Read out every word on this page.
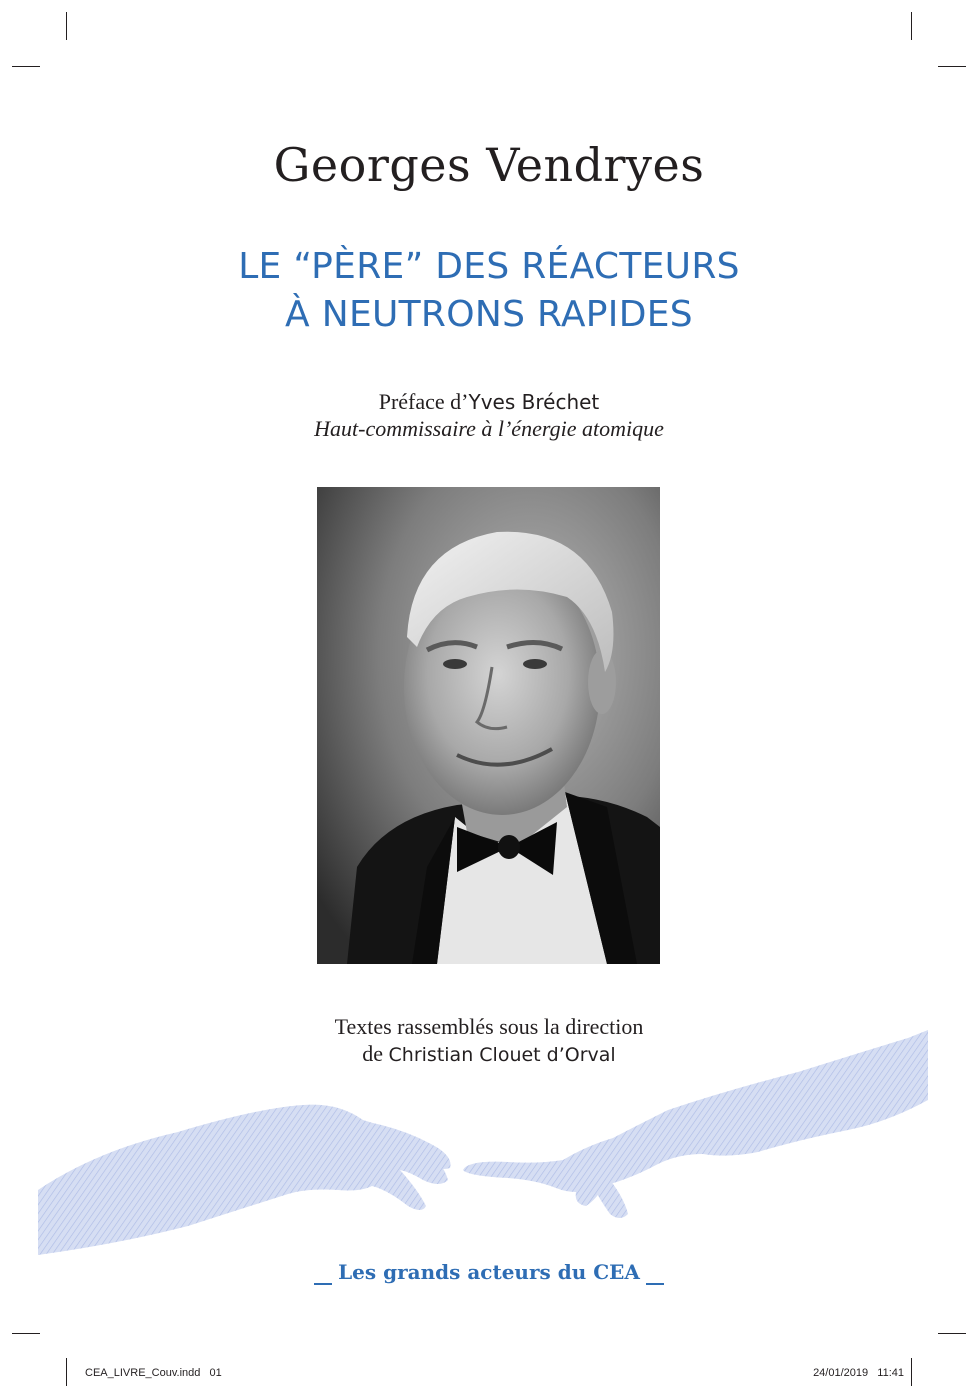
Georges Vendryes
LE “PÈRE” DES RÉACTEURS
À NEUTRONS RAPIDES
Préface d’Yves Bréchet
Haut-commissaire à l’énergie atomique
Textes rassemblés sous la direction
de Christian Clouet d’Orval
Les grands acteurs du CEA
CEA_LIVRE_Couv.indd   01	24/01/2019   11:41
